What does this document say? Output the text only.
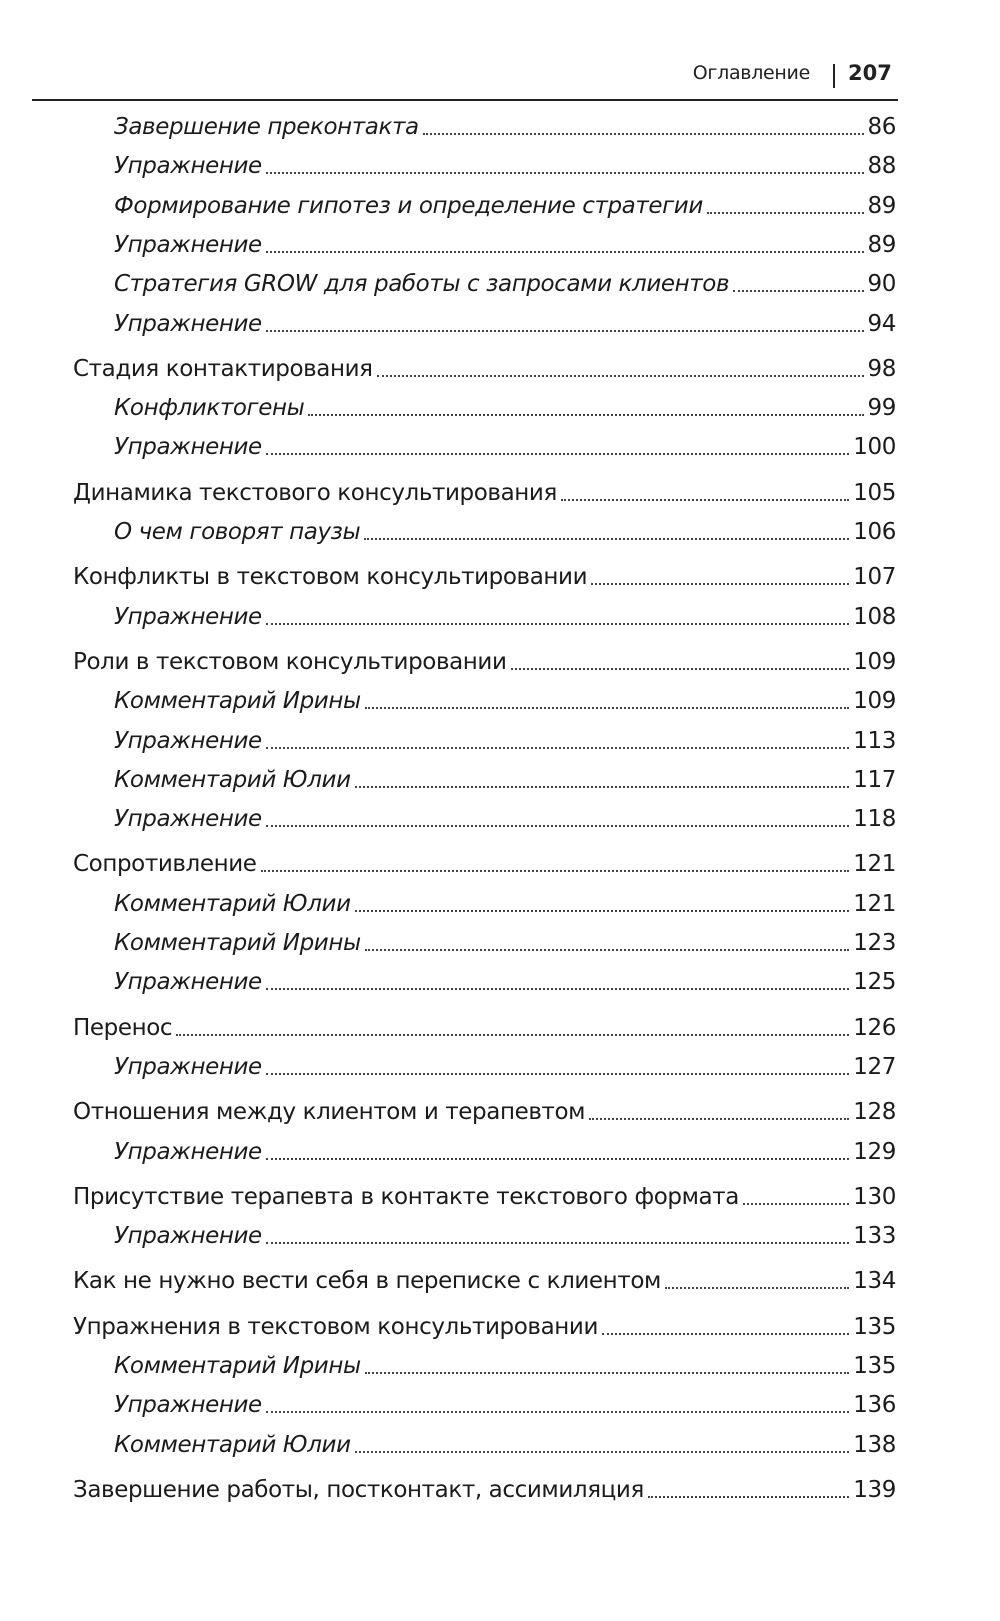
Оглавление 207
Завершение преконтакта	86
Упражнение	88
Формирование гипотез и определение стратегии	89
Упражнение	89
Стратегия GROW для работы с запросами клиентов	90
Упражнение	94
Стадия контактирования	98
Конфликтогены	99
Упражнение	100
Динамика текстового консультирования	105
О чем говорят паузы	106
Конфликты в текстовом консультировании	107
Упражнение	108
Роли в текстовом консультировании	109
Комментарий Ирины	109
Упражнение	113
Комментарий Юлии	117
Упражнение	118
Сопротивление	121
Комментарий Юлии	121
Комментарий Ирины	123
Упражнение	125
Перенос	126
Упражнение	127
Отношения между клиентом и терапевтом	128
Упражнение	129
Присутствие терапевта в контакте текстового формата	130
Упражнение	133
Как не нужно вести себя в переписке с клиентом	134
Упражнения в текстовом консультировании	135
Комментарий Ирины	135
Упражнение	136
Комментарий Юлии	138
Завершение работы, постконтакт, ассимиляция	139
